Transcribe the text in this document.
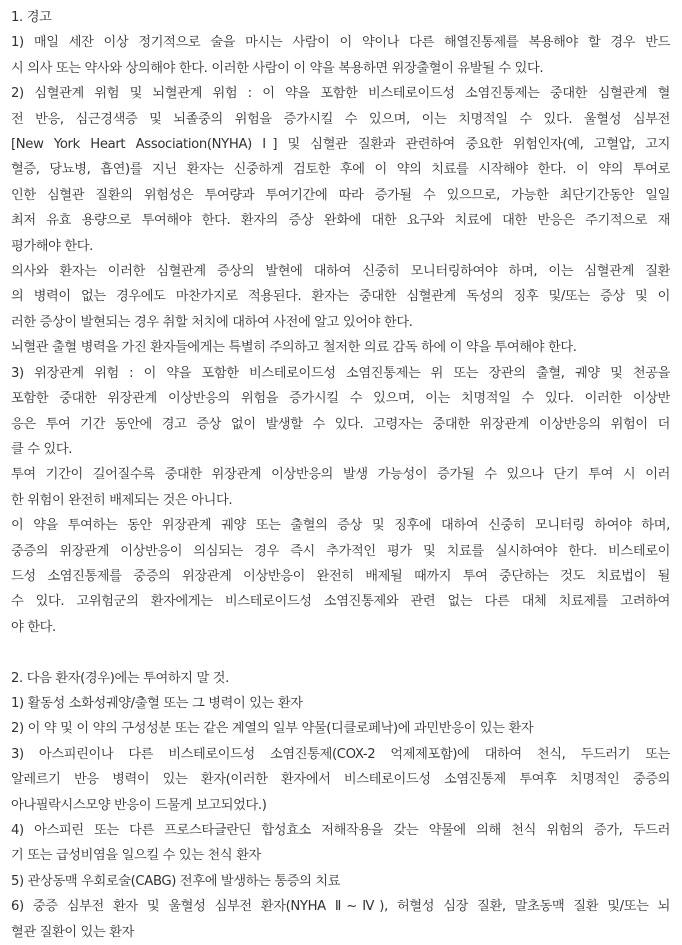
1. 경고
1) 매일 세잔 이상 정기적으로 술을 마시는 사람이 이 약이나 다른 해열진통제를 복용해야 할 경우 반드
시 의사 또는 약사와 상의해야 한다. 이러한 사람이 이 약을 복용하면 위장출혈이 유발될 수 있다.
2) 심혈관계 위험 및 뇌혈관계 위험 : 이 약을 포함한 비스테로이드성 소염진통제는 중대한 심혈관계 혈
전 반응, 심근경색증 및 뇌졸중의 위험을 증가시킬 수 있으며, 이는 치명적일 수 있다. 울혈성 심부전
[New York Heart Association(NYHA) Ⅰ] 및 심혈관 질환과 관련하여 중요한 위험인자(예, 고혈압, 고지
혈증, 당뇨병, 흡연)를 지닌 환자는 신중하게 검토한 후에 이 약의 치료를 시작해야 한다. 이 약의 투여로
인한 심혈관 질환의 위험성은 투여량과 투여기간에 따라 증가될 수 있으므로, 가능한 최단기간동안 일일
최저 유효 용량으로 투여해야 한다. 환자의 증상 완화에 대한 요구와 치료에 대한 반응은 주기적으로 재
평가해야 한다.
의사와 환자는 이러한 심혈관계 증상의 발현에 대하여 신중히 모니터링하여야 하며, 이는 심혈관계 질환
의 병력이 없는 경우에도 마찬가지로 적용된다. 환자는 중대한 심혈관계 독성의 징후 및/또는 증상 및 이
러한 증상이 발현되는 경우 취할 처치에 대하여 사전에 알고 있어야 한다.
뇌혈관 출혈 병력을 가진 환자들에게는 특별히 주의하고 철저한 의료 감독 하에 이 약을 투여해야 한다.
3) 위장관계 위험 : 이 약을 포함한 비스테로이드성 소염진통제는 위 또는 장관의 출혈, 궤양 및 천공을
포함한 중대한 위장관계 이상반응의 위험을 증가시킬 수 있으며, 이는 치명적일 수 있다. 이러한 이상반
응은 투여 기간 동안에 경고 증상 없이 발생할 수 있다. 고령자는 중대한 위장관계 이상반응의 위험이 더
클 수 있다.
투여 기간이 길어질수록 중대한 위장관계 이상반응의 발생 가능성이 증가될 수 있으나 단기 투여 시 이러
한 위험이 완전히 배제되는 것은 아니다.
이 약을 투여하는 동안 위장관계 궤양 또는 출혈의 증상 및 징후에 대하여 신중히 모니터링 하여야 하며,
중증의 위장관계 이상반응이 의심되는 경우 즉시 추가적인 평가 및 치료를 실시하여야 한다. 비스테로이
드성 소염진통제를 중증의 위장관계 이상반응이 완전히 배제될 때까지 투여 중단하는 것도 치료법이 될
수 있다. 고위험군의 환자에게는 비스테로이드성 소염진통제와 관련 없는 다른 대체 치료제를 고려하여
야 한다.
2. 다음 환자(경우)에는 투여하지 말 것.
1) 활동성 소화성궤양/출혈 또는 그 병력이 있는 환자
2) 이 약 및 이 약의 구성성분 또는 같은 계열의 일부 약물(디클로페낙)에 과민반응이 있는 환자
3) 아스피린이나 다른 비스테로이드성 소염진통제(COX-2 억제제포함)에 대하여 천식, 두드러기 또는
알레르기 반응 병력이 있는 환자(이러한 환자에서 비스테로이드성 소염진통제 투여후 치명적인 중증의
아나필락시스모양 반응이 드물게 보고되었다.)
4) 아스피린 또는 다른 프로스타글란딘 합성효소 저해작용을 갖는 약물에 의해 천식 위험의 증가, 두드러
기 또는 급성비염을 일으킬 수 있는 천식 환자
5) 관상동맥 우회로술(CABG) 전후에 발생하는 통증의 치료
6) 중증 심부전 환자 및 울혈성 심부전 환자(NYHA Ⅱ~Ⅳ), 허혈성 심장 질환, 말초동맥 질환 및/또는 뇌
혈관 질환이 있는 환자
